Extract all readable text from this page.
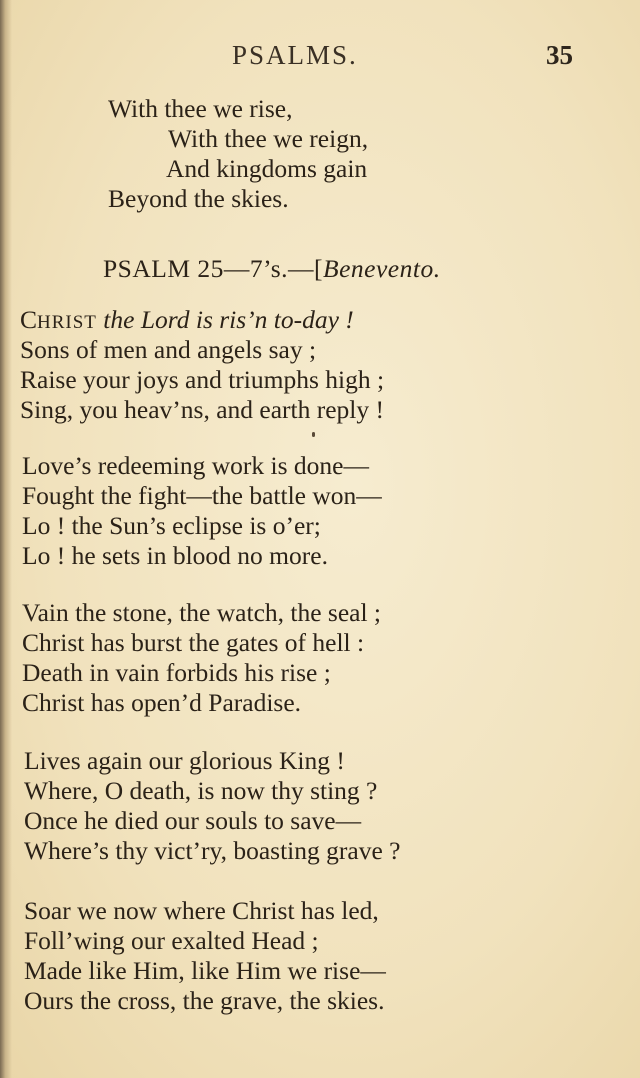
PSALMS.	35
With thee we rise,
With thee we reign,
And kingdoms gain
Beyond the skies.
PSALM 25—7’s.—[Benevento.
CHRIST the Lord is ris’n to-day !
Sons of men and angels say ;
Raise your joys and triumphs high ;
Sing, you heav’ns, and earth reply !
Love’s redeeming work is done—
Fought the fight—the battle won—
Lo ! the Sun’s eclipse is o’er;
Lo ! he sets in blood no more.
Vain the stone, the watch, the seal ;
Christ has burst the gates of hell :
Death in vain forbids his rise ;
Christ has open’d Paradise.
Lives again our glorious King !
Where, O death, is now thy sting ?
Once he died our souls to save—
Where’s thy vict’ry, boasting grave ?
Soar we now where Christ has led,
Foll’wing our exalted Head ;
Made like Him, like Him we rise—
Ours the cross, the grave, the skies.
